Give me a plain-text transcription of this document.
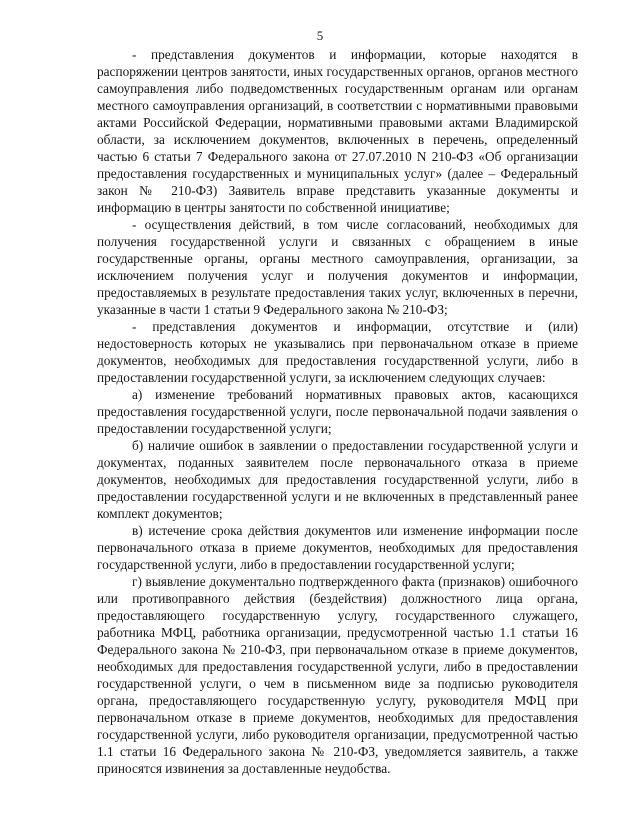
5

- представления документов и информации, которые находятся в распоряжении центров занятости, иных государственных органов, органов местного самоуправления либо подведомственных государственным органам или органам местного самоуправления организаций, в соответствии с нормативными правовыми актами Российской Федерации, нормативными правовыми актами Владимирской области, за исключением документов, включенных в перечень, определенный частью 6 статьи 7 Федерального закона от 27.07.2010 N 210-ФЗ «Об организации предоставления государственных и муниципальных услуг» (далее – Федеральный закон № 210-ФЗ) Заявитель вправе представить указанные документы и информацию в центры занятости по собственной инициативе;

- осуществления действий, в том числе согласований, необходимых для получения государственной услуги и связанных с обращением в иные государственные органы, органы местного самоуправления, организации, за исключением получения услуг и получения документов и информации, предоставляемых в результате предоставления таких услуг, включенных в перечни, указанные в части 1 статьи 9 Федерального закона № 210-ФЗ;

- представления документов и информации, отсутствие и (или) недостоверность которых не указывались при первоначальном отказе в приеме документов, необходимых для предоставления государственной услуги, либо в предоставлении государственной услуги, за исключением следующих случаев:

а) изменение требований нормативных правовых актов, касающихся предоставления государственной услуги, после первоначальной подачи заявления о предоставлении государственной услуги;

б) наличие ошибок в заявлении о предоставлении государственной услуги и документах, поданных заявителем после первоначального отказа в приеме документов, необходимых для предоставления государственной услуги, либо в предоставлении государственной услуги и не включенных в представленный ранее комплект документов;

в) истечение срока действия документов или изменение информации после первоначального отказа в приеме документов, необходимых для предоставления государственной услуги, либо в предоставлении государственной услуги;

г) выявление документально подтвержденного факта (признаков) ошибочного или противоправного действия (бездействия) должностного лица органа, предоставляющего государственную услугу, государственного служащего, работника МФЦ, работника организации, предусмотренной частью 1.1 статьи 16 Федерального закона № 210-ФЗ, при первоначальном отказе в приеме документов, необходимых для предоставления государственной услуги, либо в предоставлении государственной услуги, о чем в письменном виде за подписью руководителя органа, предоставляющего государственную услугу, руководителя МФЦ при первоначальном отказе в приеме документов, необходимых для предоставления государственной услуги, либо руководителя организации, предусмотренной частью 1.1 статьи 16 Федерального закона № 210-ФЗ, уведомляется заявитель, а также приносятся извинения за доставленные неудобства.
